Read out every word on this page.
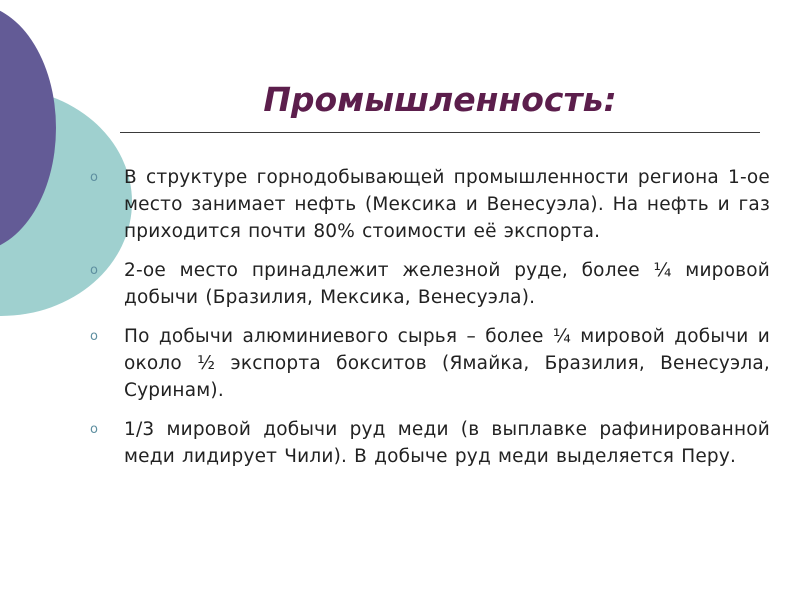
Промышленность:
o	В структуре горнодобывающей промышленности региона 1-ое место занимает нефть (Мексика и Венесуэла). На нефть и газ приходится почти 80% стоимости её экспорта.
o	2-ое место принадлежит железной руде, более ¼ мировой добычи (Бразилия, Мексика, Венесуэла).
o	По добычи алюминиевого сырья – более ¼ мировой добычи и около ½ экспорта бокситов (Ямайка, Бразилия, Венесуэла, Суринам).
o	1/3 мировой добычи руд меди (в выплавке рафинированной меди лидирует Чили). В добыче руд меди выделяется Перу.
